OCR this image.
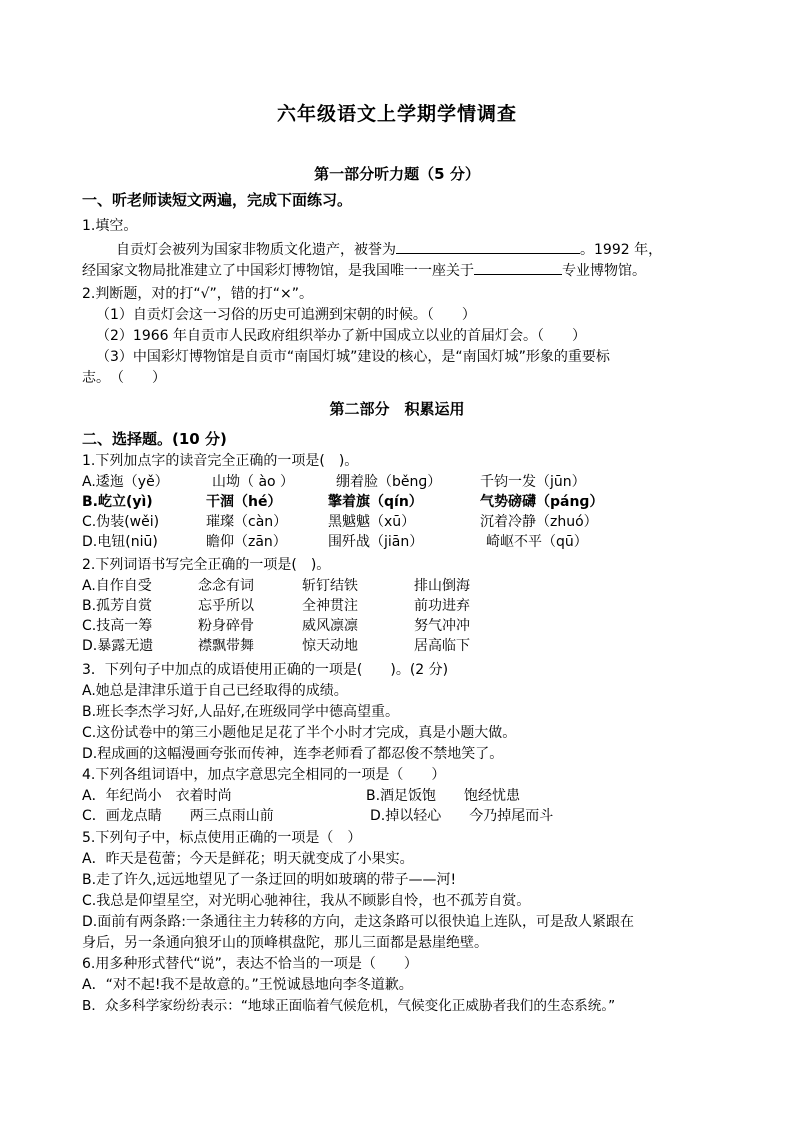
六年级语文上学期学情调查
第一部分听力题（5 分）
一、听老师读短文两遍，完成下面练习。
1.填空。
自贡灯会被列为国家非物质文化遗产，被誉为	。1992 年，
经国家文物局批准建立了中国彩灯博物馆，是我国唯一一座关于	专业博物馆。
2.判断题，对的打“√”，错的打“×”。
（1）自贡灯会这一习俗的历史可追溯到宋朝的时候。（　　）
（2）1966 年自贡市人民政府组织举办了新中国成立以业的首届灯会。（　　）
（3）中国彩灯博物馆是自贡市“南国灯城”建设的核心，是“南国灯城”形象的重要标
志。　（　　）
第二部分　积累运用
二、选择题。(10 分)
1.下列加点字的读音完全正确的一项是(　)。
A.逶迤（yě）	山坳（ ào ）	绷着脸（běnɡ）	千钧一发（jūn）
B.屹立(yì)	干涸（hé）	擎着旗（qín）	气势磅礴（pánɡ）
C.伪装(wěi)	璀璨（càn）	黑魆魆（xū）	沉着冷静（zhuó）
D.电钮(niū)	瞻仰（zān）	围歼战（jiān）	崎岖不平（qū）
2.下列词语书写完全正确的一项是(　)。
A.自作自受	念念有词	斩钉结铁	排山倒海
B.孤芳自赏	忘乎所以	全神贯注	前功进弃
C.技高一筹	粉身碎骨	威风凛凛	努气冲冲
D.暴露无遗	襟飘带舞	惊天动地	居高临下
3．下列句子中加点的成语使用正确的一项是(　　)。(2 分)
A.她总是津津乐道于自己已经取得的成绩。
B.班长李杰学习好,人品好,在班级同学中德高望重。
C.这份试卷中的第三小题他足足花了半个小时才完成，真是小题大做。
D.程成画的这幅漫画夸张而传神，连李老师看了都忍俊不禁地笑了。
4.下列各组词语中，加点字意思完全相同的一项是（　　）
A．年纪尚小　衣着时尚	B.酒足饭饱　　饱经忧患
C．画龙点睛　　两三点雨山前	D.掉以轻心　　今乃掉尾而斗
5.下列句子中，标点使用正确的一项是（　）
A．昨天是苞蕾；今天是鲜花；明天就变成了小果实。
B.走了许久,远远地望见了一条迂回的明如玻璃的带子——河!
C.我总是仰望星空，对光明心驰神往，我从不顾影自怜，也不孤芳自赏。
D.面前有两条路:一条通往主力转移的方向，走这条路可以很快追上连队，可是敌人紧跟在
身后，另一条通向狼牙山的顶峰棋盘陀，那儿三面都是悬崖绝壁。
6.用多种形式替代“说”，表达不恰当的一项是（　　）
A．“对不起!我不是故意的。”王悦诚恳地向李冬道歉。
B．众多科学家纷纷表示：“地球正面临着气候危机，气候变化正威胁者我们的生态系统。”
